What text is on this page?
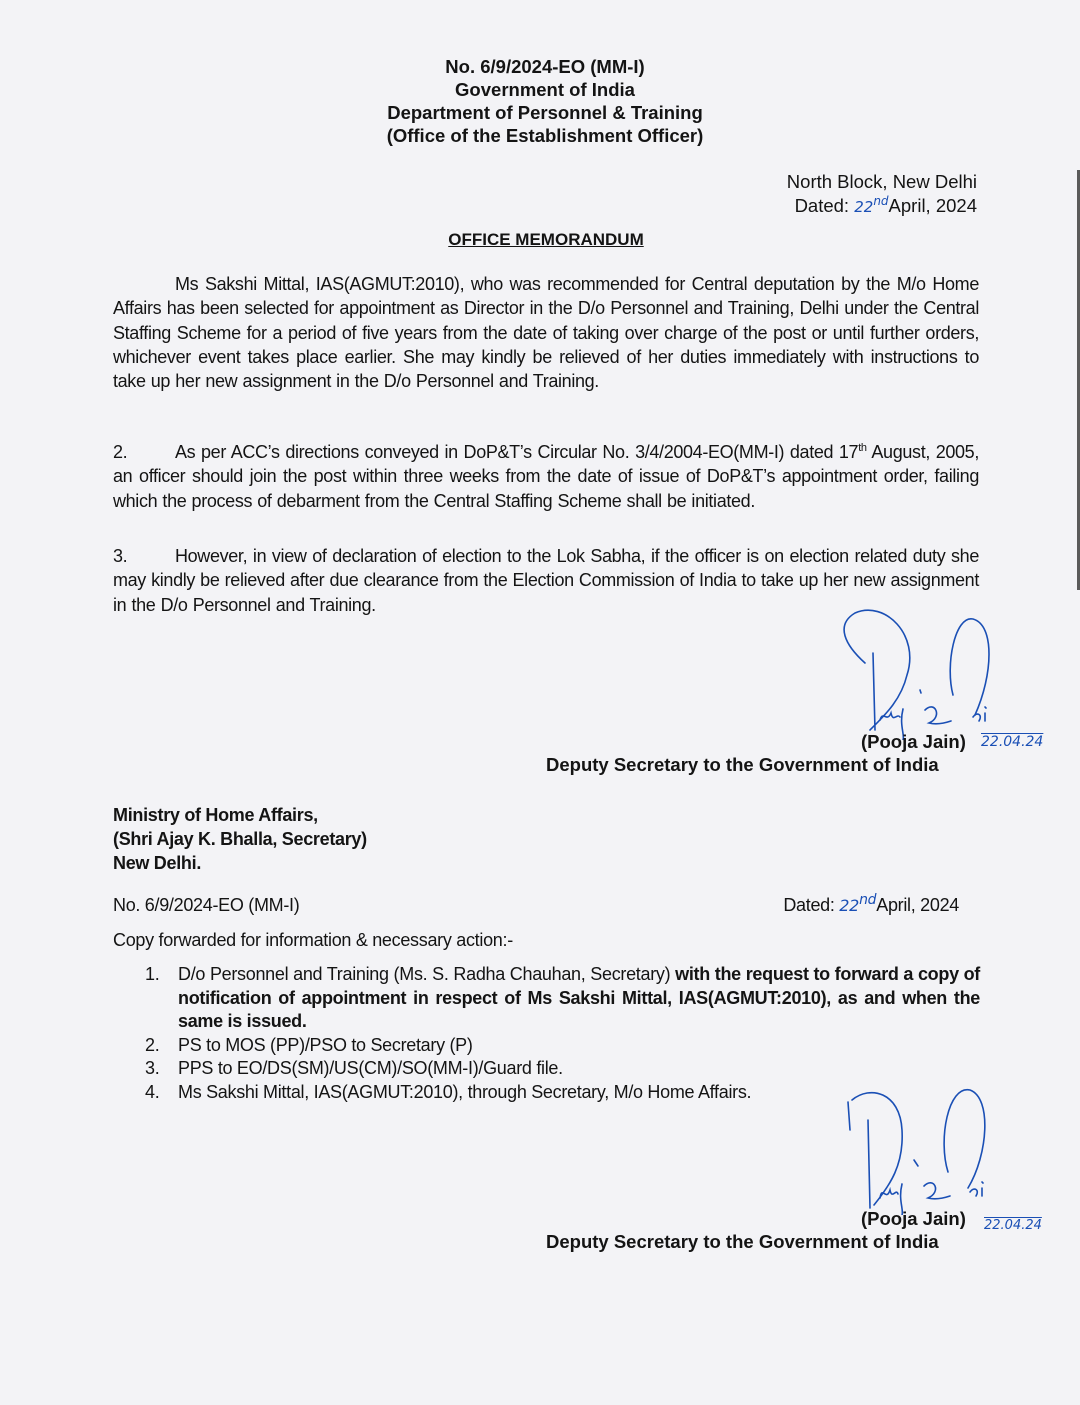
No. 6/9/2024-EO (MM-I)
Government of India
Department of Personnel & Training
(Office of the Establishment Officer)
North Block, New Delhi
Dated: 22ndApril, 2024
OFFICE MEMORANDUM
Ms Sakshi Mittal, IAS(AGMUT:2010), who was recommended for Central deputation by the M/o Home Affairs has been selected for appointment as Director in the D/o Personnel and Training, Delhi under the Central Staffing Scheme for a period of five years from the date of taking over charge of the post or until further orders, whichever event takes place earlier. She may kindly be relieved of her duties immediately with instructions to take up her new assignment in the D/o Personnel and Training.
2.	As per ACC’s directions conveyed in DoP&T’s Circular No. 3/4/2004-EO(MM-I) dated 17th August, 2005, an officer should join the post within three weeks from the date of issue of DoP&T’s appointment order, failing which the process of debarment from the Central Staffing Scheme shall be initiated.
3.	However, in view of declaration of election to the Lok Sabha, if the officer is on election related duty she may kindly be relieved after due clearance from the Election Commission of India to take up her new assignment in the D/o Personnel and Training.
(Pooja Jain) 22.04.24
Deputy Secretary to the Government of India
Ministry of Home Affairs,
(Shri Ajay K. Bhalla, Secretary)
New Delhi.
No. 6/9/2024-EO (MM-I)	Dated: 22ndApril, 2024
Copy forwarded for information & necessary action:-
1. D/o Personnel and Training (Ms. S. Radha Chauhan, Secretary) with the request to forward a copy of notification of appointment in respect of Ms Sakshi Mittal, IAS(AGMUT:2010), as and when the same is issued.
2. PS to MOS (PP)/PSO to Secretary (P)
3. PPS to EO/DS(SM)/US(CM)/SO(MM-I)/Guard file.
4. Ms Sakshi Mittal, IAS(AGMUT:2010), through Secretary, M/o Home Affairs.
(Pooja Jain) 22.04.24
Deputy Secretary to the Government of India
